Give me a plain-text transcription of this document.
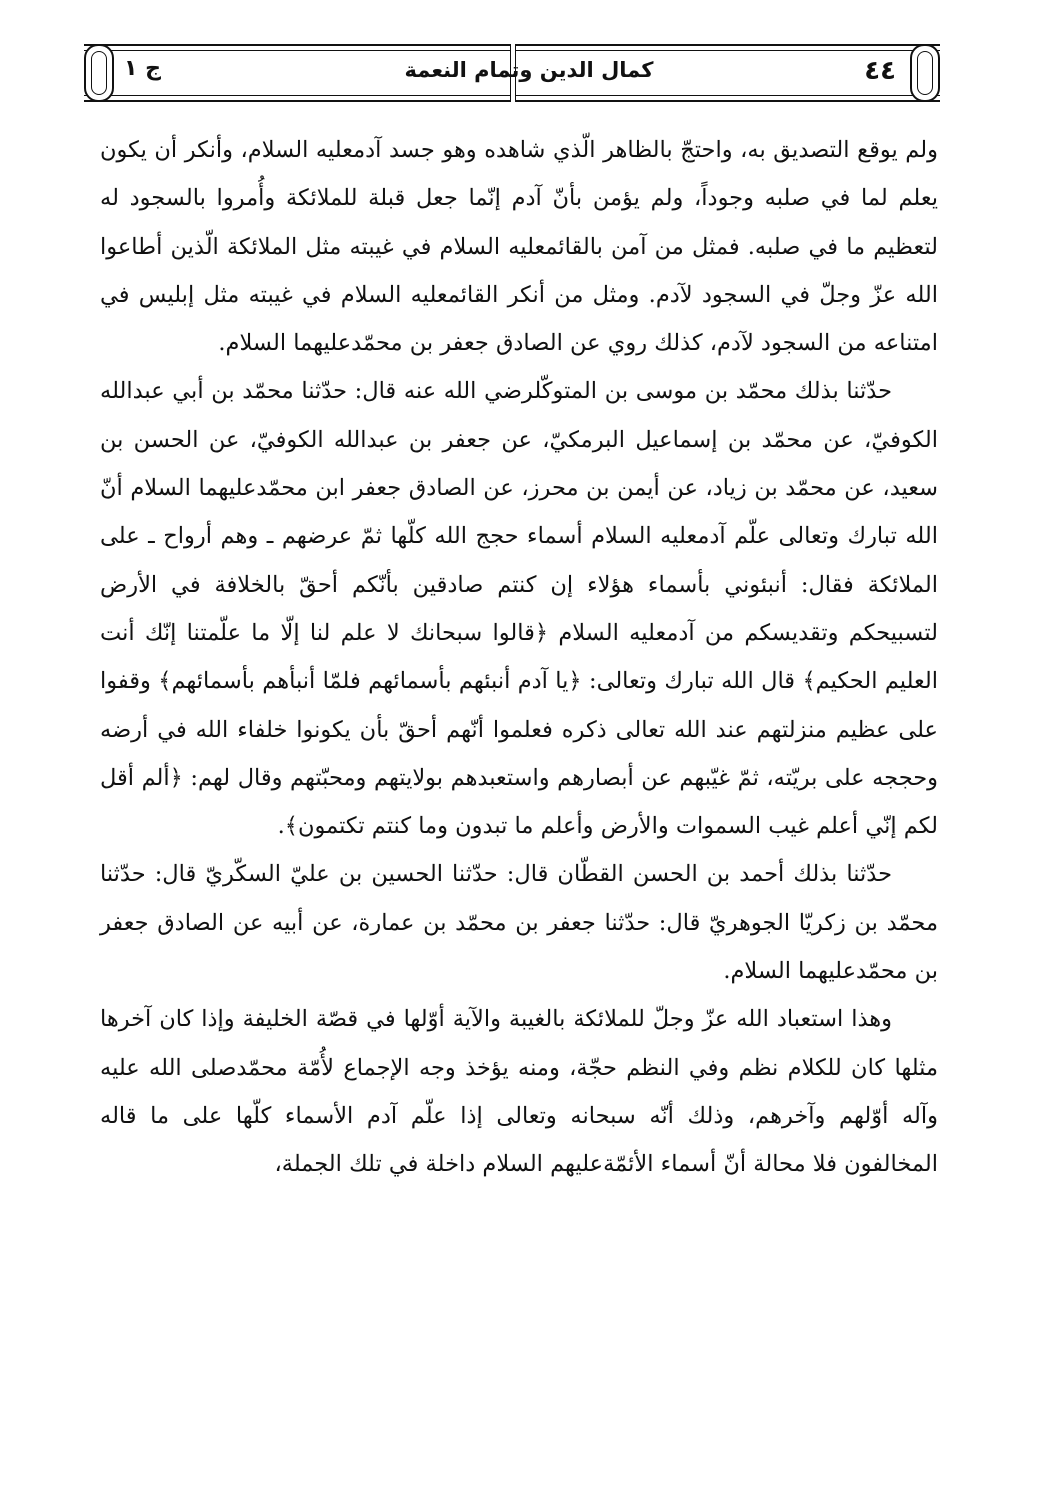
٤٤
كمال الدين وتمام النعمة
ج ١

ولم يوقع التصديق به، واحتجّ بالظاهر الّذي شاهده وهو جسد آدمعليه السلام، وأنكر أن يكون يعلم لما في صلبه وجوداً، ولم يؤمن بأنّ آدم إنّما جعل قبلة للملائكة وأُمروا بالسجود له لتعظيم ما في صلبه. فمثل من آمن بالقائمعليه السلام في غيبته مثل الملائكة الّذين أطاعوا الله عزّ وجلّ في السجود لآدم. ومثل من أنكر القائمعليه السلام في غيبته مثل إبليس في امتناعه من السجود لآدم، كذلك روي عن الصادق جعفر بن محمّدعليهما السلام.

حدّثنا بذلك محمّد بن موسى بن المتوكّلرضي الله عنه قال: حدّثنا محمّد بن أبي عبدالله الكوفيّ، عن محمّد بن إسماعيل البرمكيّ، عن جعفر بن عبدالله الكوفيّ، عن الحسن بن سعيد، عن محمّد بن زياد، عن أيمن بن محرز، عن الصادق جعفر ابن محمّدعليهما السلام أنّ الله تبارك وتعالى علّم آدمعليه السلام أسماء حجج الله كلّها ثمّ عرضهم ـ وهم أرواح ـ على الملائكة فقال: أنبئوني بأسماء هؤلاء إن كنتم صادقين بأنّكم أحقّ بالخلافة في الأرض لتسبيحكم وتقديسكم من آدمعليه السلام ﴿قالوا سبحانك لا علم لنا إلّا ما علّمتنا إنّك أنت العليم الحكيم﴾ قال الله تبارك وتعالى: ﴿يا آدم أنبئهم بأسمائهم فلمّا أنبأهم بأسمائهم﴾ وقفوا على عظيم منزلتهم عند الله تعالى ذكره فعلموا أنّهم أحقّ بأن يكونوا خلفاء الله في أرضه وحججه على بريّته، ثمّ غيّبهم عن أبصارهم واستعبدهم بولايتهم ومحبّتهم وقال لهم: ﴿ألم أقل لكم إنّي أعلم غيب السموات والأرض وأعلم ما تبدون وما كنتم تكتمون﴾.

حدّثنا بذلك أحمد بن الحسن القطّان قال: حدّثنا الحسين بن عليّ السكّريّ قال: حدّثنا محمّد بن زكريّا الجوهريّ قال: حدّثنا جعفر بن محمّد بن عمارة، عن أبيه عن الصادق جعفر بن محمّدعليهما السلام.

وهذا استعباد الله عزّ وجلّ للملائكة بالغيبة والآية أوّلها في قصّة الخليفة وإذا كان آخرها مثلها كان للكلام نظم وفي النظم حجّة، ومنه يؤخذ وجه الإجماع لأُمّة محمّدصلى الله عليه وآله أوّلهم وآخرهم، وذلك أنّه سبحانه وتعالى إذا علّم آدم الأسماء كلّها على ما قاله المخالفون فلا محالة أنّ أسماء الأئمّةعليهم السلام داخلة في تلك الجملة،
